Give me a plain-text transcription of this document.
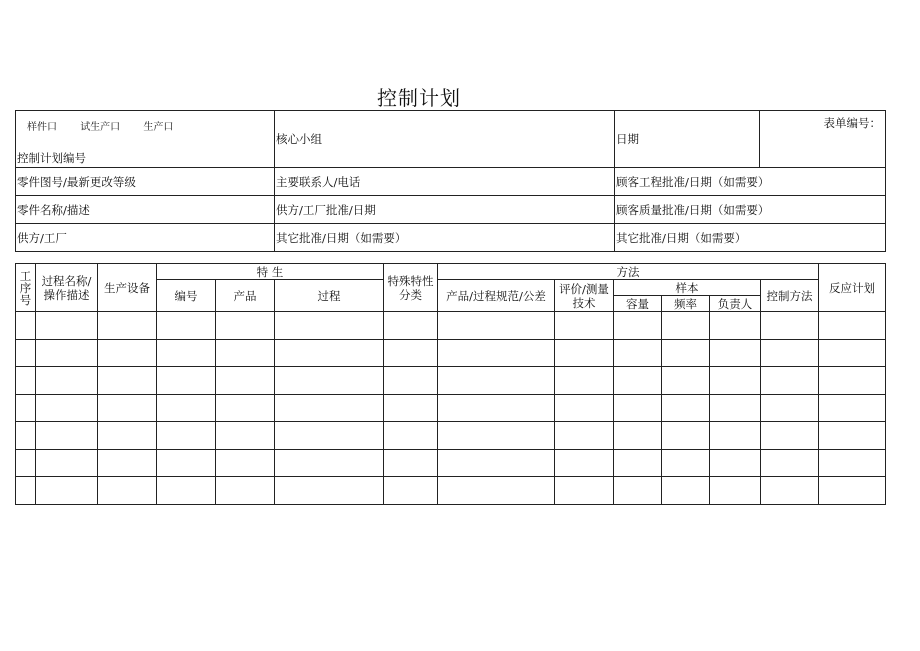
控制计划
样件口 试生产口 生产口
控制计划编号	核心小组	日期	表单编号：

零件图号/最新更改等级	主要联系人/电话	顾客工程批准/日期（如需要）	
零件名称/描述	供方/工厂批准/日期	顾客质量批准/日期（如需要）	
供方/工厂	其它批准/日期（如需要）	其它批准/日期（如需要）	
工序号	过程名称/操作描述	生产设备	特 生			特殊特性分类	方法						反应计划
			编号	产品	过程		产品/过程规范/公差	评价/测量技术	样本			控制方法	
									容量	频率	负责人		
